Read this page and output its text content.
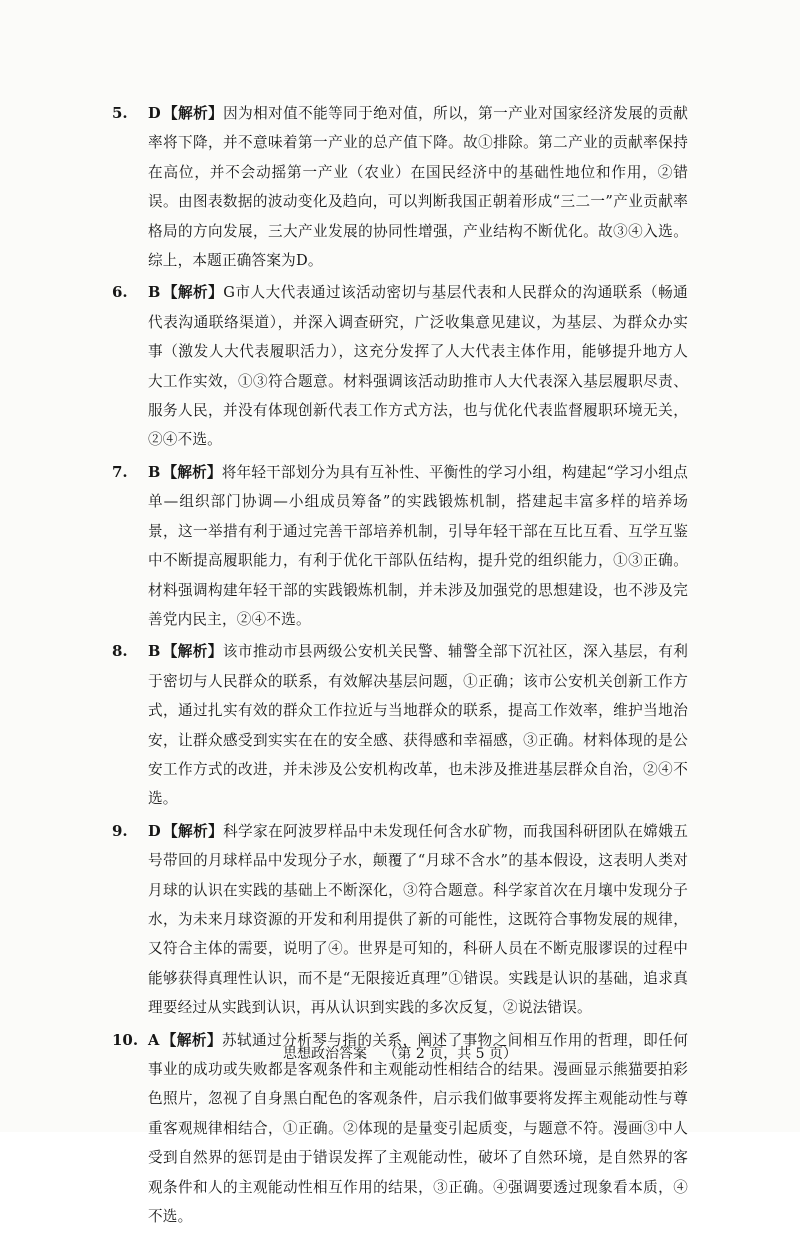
5. D 【解析】因为相对值不能等同于绝对值，所以，第一产业对国家经济发展的贡献率将下降，并不意味着第一产业的总产值下降。故①排除。第二产业的贡献率保持在高位，并不会动摇第一产业（农业）在国民经济中的基础性地位和作用，②错误。由图表数据的波动变化及趋向，可以判断我国正朝着形成“三二一”产业贡献率格局的方向发展，三大产业发展的协同性增强，产业结构不断优化。故③④入选。综上，本题正确答案为D。
6. B 【解析】G市人大代表通过该活动密切与基层代表和人民群众的沟通联系（畅通代表沟通联络渠道），并深入调查研究，广泛收集意见建议，为基层、为群众办实事（激发人大代表履职活力），这充分发挥了人大代表主体作用，能够提升地方人大工作实效，①③符合题意。材料强调该活动助推市人大代表深入基层履职尽责、服务人民，并没有体现创新代表工作方式方法，也与优化代表监督履职环境无关，②④不选。
7. B 【解析】将年轻干部划分为具有互补性、平衡性的学习小组，构建起“学习小组点单—组织部门协调—小组成员筹备”的实践锻炼机制，搭建起丰富多样的培养场景，这一举措有利于通过完善干部培养机制，引导年轻干部在互比互看、互学互鉴中不断提高履职能力，有利于优化干部队伍结构，提升党的组织能力，①③正确。材料强调构建年轻干部的实践锻炼机制，并未涉及加强党的思想建设，也不涉及完善党内民主，②④不选。
8. B 【解析】该市推动市县两级公安机关民警、辅警全部下沉社区，深入基层，有利于密切与人民群众的联系，有效解决基层问题，①正确；该市公安机关创新工作方式，通过扎实有效的群众工作拉近与当地群众的联系，提高工作效率，维护当地治安，让群众感受到实实在在的安全感、获得感和幸福感，③正确。材料体现的是公安工作方式的改进，并未涉及公安机构改革，也未涉及推进基层群众自治，②④不选。
9. D 【解析】科学家在阿波罗样品中未发现任何含水矿物，而我国科研团队在嫦娥五号带回的月球样品中发现分子水，颠覆了“月球不含水”的基本假设，这表明人类对月球的认识在实践的基础上不断深化，③符合题意。科学家首次在月壤中发现分子水，为未来月球资源的开发和利用提供了新的可能性，这既符合事物发展的规律，又符合主体的需要，说明了④。世界是可知的，科研人员在不断克服谬误的过程中能够获得真理性认识，而不是“无限接近真理”①错误。实践是认识的基础，追求真理要经过从实践到认识，再从认识到实践的多次反复，②说法错误。
10. A 【解析】苏轼通过分析琴与指的关系，阐述了事物之间相互作用的哲理，即任何事业的成功或失败都是客观条件和主观能动性相结合的结果。漫画显示熊猫要拍彩色照片，忽视了自身黑白配色的客观条件，启示我们做事要将发挥主观能动性与尊重客观规律相结合，①正确。②体现的是量变引起质变，与题意不符。漫画③中人受到自然界的惩罚是由于错误发挥了主观能动性，破坏了自然环境，是自然界的客观条件和人的主观能动性相互作用的结果，③正确。④强调要透过现象看本质，④不选。
思想政治答案 （第 2 页，共 5 页）
